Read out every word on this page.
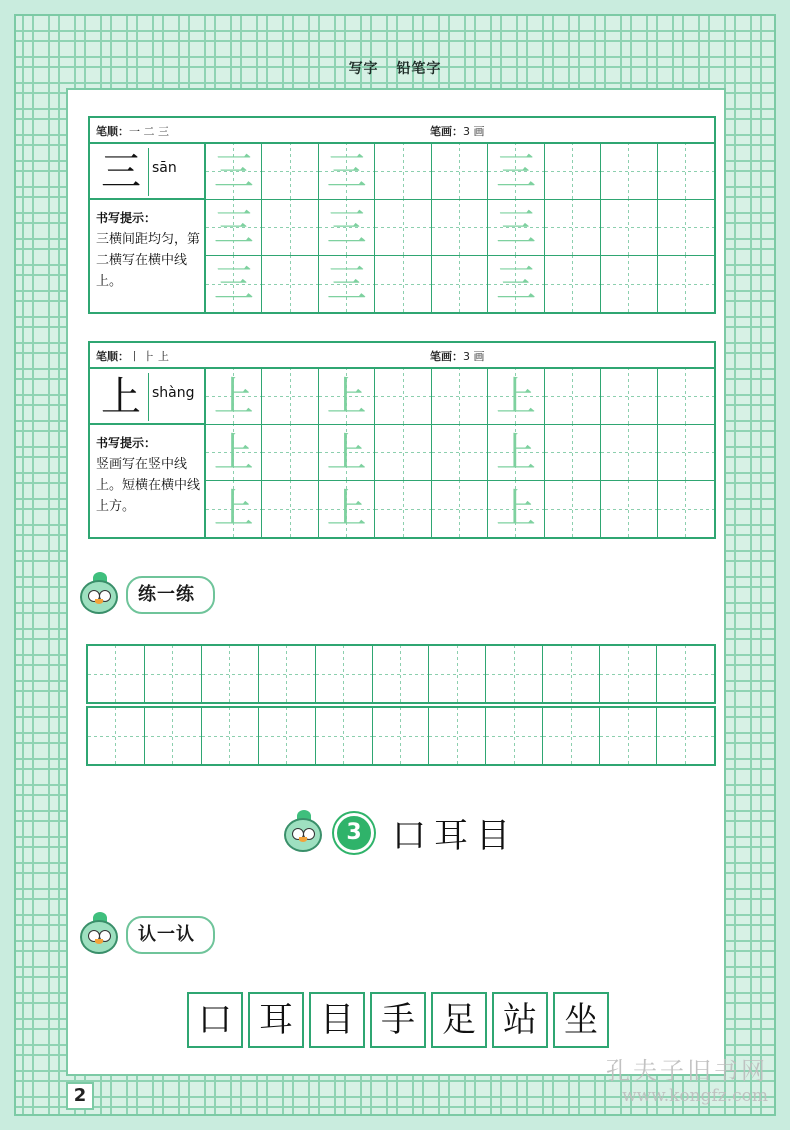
写字 铅笔字
笔顺：一 二 三	笔画：3 画
三 sān
书写提示：
三横间距均匀，第二横写在横中线上。
三 三	三
三 三	三
三 三	三
笔顺：丨 ⺊ 上	笔画：3 画
上 shàng
书写提示：
竖画写在竖中线上。短横在横中线上方。
上 上	上
上 上	上
上 上	上
练一练
3 口耳目
认一认
口 耳 目 手 足 站 坐
2
孔夫子旧书网
www.kongfz.com
